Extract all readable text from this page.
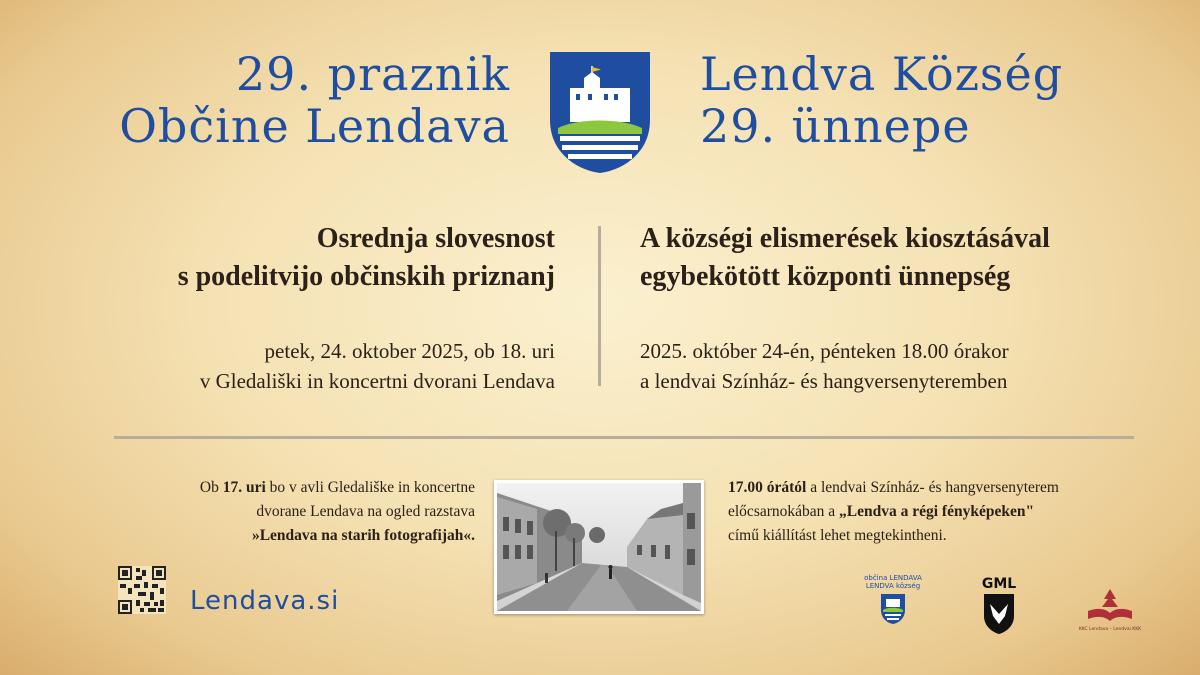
29. praznik
Občine Lendava
Lendva Község
29. ünnepe
Osrednja slovesnost
s podelitvijo občinskih priznanj
A községi elismerések kiosztásával
egybekötött központi ünnepség
petek, 24. oktober 2025, ob 18. uri
v Gledališki in koncertni dvorani Lendava
2025. október 24-én, pénteken 18.00 órakor
a lendvai Színház- és hangversenyteremben
Ob 17. uri bo v avli Gledališke in koncertne
dvorane Lendava na ogled razstava
»Lendava na starih fotografijah«.
17.00 órától a lendvai Színház- és hangversenyterem
előcsarnokában a „Lendva a régi fényképeken"
című kiállítást lehet megtekintheni.
Lendava.si
občina LENDAVA
LENDVA község	GML
KKC Lendava – Lendvai KKK
